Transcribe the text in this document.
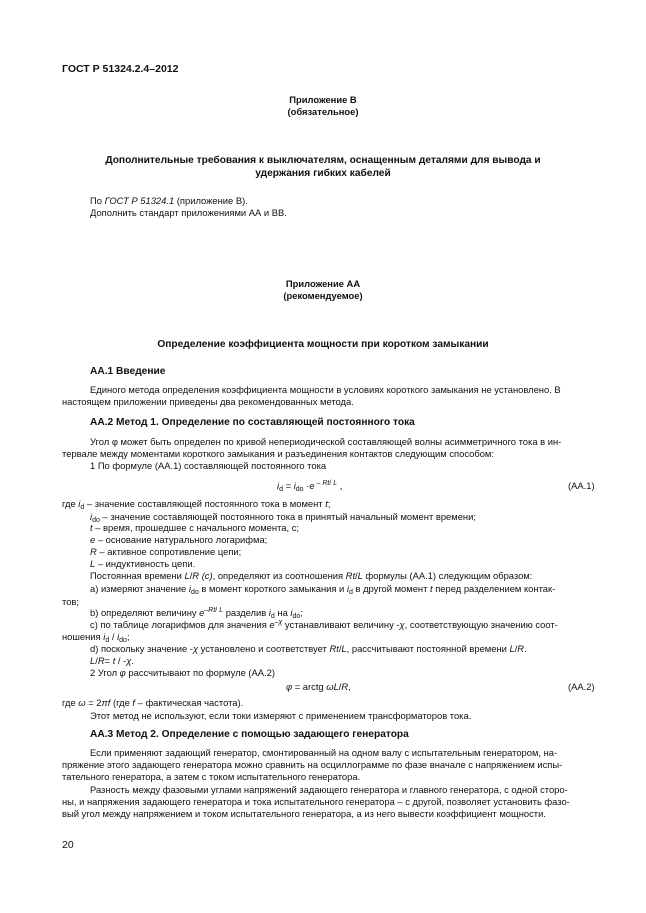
ГОСТ Р 51324.2.4–2012
Приложение В
(обязательное)
Дополнительные требования к выключателям, оснащенным деталями для вывода и
удержания гибких кабелей
По ГОСТ Р 51324.1 (приложение В).
Дополнить стандарт приложениями АА и ВВ.
Приложение АА
(рекомендуемое)
Определение коэффициента мощности при коротком замыкании
АА.1 Введение
Единого метода определения коэффициента мощности в условиях короткого замыкания не установлено. В
настоящем приложении приведены два рекомендованных метода.
АА.2 Метод 1. Определение по составляющей постоянного тока
Угол φ может быть определен по кривой непериодической составляющей волны асимметричного тока в ин-
тервале между моментами короткого замыкания и разъединения контактов следующим способом:
1 По формуле (АА.1) составляющей постоянного тока
$i_d = i_{do} \cdot e$ $^{- Rt/ L}$ ,	(АА.1)
где $i_d$ – значение составляющей постоянного тока в момент t;
$i_{do}$ – значение составляющей постоянного тока в принятый начальный момент времени;
t – время, прошедшее с начального момента, с;
e – основание натурального логарифма;
R – активное сопротивление цепи;
L – индуктивность цепи.
Постоянная времени L/R (c), определяют из соотношения Rt/L формулы (АА.1) следующим образом:
а) измеряют значение $i_{do}$ в момент короткого замыкания и $i_d$ в другой момент t перед разделением контак-
тов;
b) определяют величину $e^{-Rt/ L}$ разделив $i_d$ на $i_{do}$;
c) по таблице логарифмов для значения $e^{-\chi}$ устанавливают величину -χ, соответствующую значению соот-
ношения $i_d / i_{do}$;
d) поскольку значение -χ установлено и соответствует Rt/L, рассчитывают постоянной времени L/R.
L/R= t / -χ.
2 Угол φ рассчитывают по формуле (АА.2)
φ = arctg ωL/R,	(АА.2)
где ω = 2πf (где f – фактическая частота).
Этот метод не используют, если токи измеряют с применением трансформаторов тока.
АА.3 Метод 2. Определение с помощью задающего генератора
Если применяют задающий генератор, смонтированный на одном валу с испытательным генератором, на-
пряжение этого задающего генератора можно сравнить на осциллограмме по фазе вначале с напряжением испы-
тательного генератора, а затем с током испытательного генератора.
Разность между фазовыми углами напряжений задающего генератора и главного генератора, с одной сторо-
ны, и напряжения задающего генератора и тока испытательного генератора – с другой, позволяет установить фазо-
вый угол между напряжением и током испытательного генератора, а из него вывести коэффициент мощности.
20
